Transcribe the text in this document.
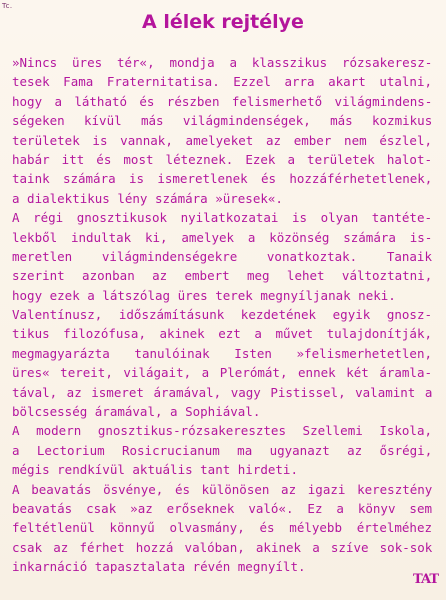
Tc.
A lélek rejtélye
»Nincs üres tér«, mondja a klasszikus rózsakeresz-
tesek Fama Fraternitatisa. Ezzel arra akart utalni,
hogy a látható és részben felismerhető világmindens-
ségeken kívül más világmindenségek, más kozmikus
területek is vannak, amelyeket az ember nem észlel,
habár itt és most léteznek. Ezek a területek halot-
taink számára is ismeretlenek és hozzáférhetetlenek,
a dialektikus lény számára »üresek«.
A régi gnosztikusok nyilatkozatai is olyan tantéte-
lekből indultak ki, amelyek a közönség számára is-
meretlen világmindenségekre vonatkoztak. Tanaik
szerint azonban az embert meg lehet változtatni,
hogy ezek a látszólag üres terek megnyíljanak neki.
Valentínusz, időszámításunk kezdetének egyik gnosz-
tikus filozófusa, akinek ezt a művet tulajdonítják,
megmagyarázta tanulóinak Isten »felismerhetetlen,
üres« tereit, világait, a Plerómát, ennek két áramla-
tával, az ismeret áramával, vagy Pistissel, valamint a
bölcsesség áramával, a Sophiával.
A modern gnosztikus-rózsakeresztes Szellemi Iskola,
a Lectorium Rosicrucianum ma ugyanazt az ősrégi,
mégis rendkívül aktuális tant hirdeti.
A beavatás ösvénye, és különösen az igazi keresztény
beavatás csak »az erőseknek való«. Ez a könyv sem
feltétlenül könnyű olvasmány, és mélyebb értelméhez
csak az férhet hozzá valóban, akinek a szíve sok-sok
inkarnáció tapasztalata révén megnyílt.
TAT
